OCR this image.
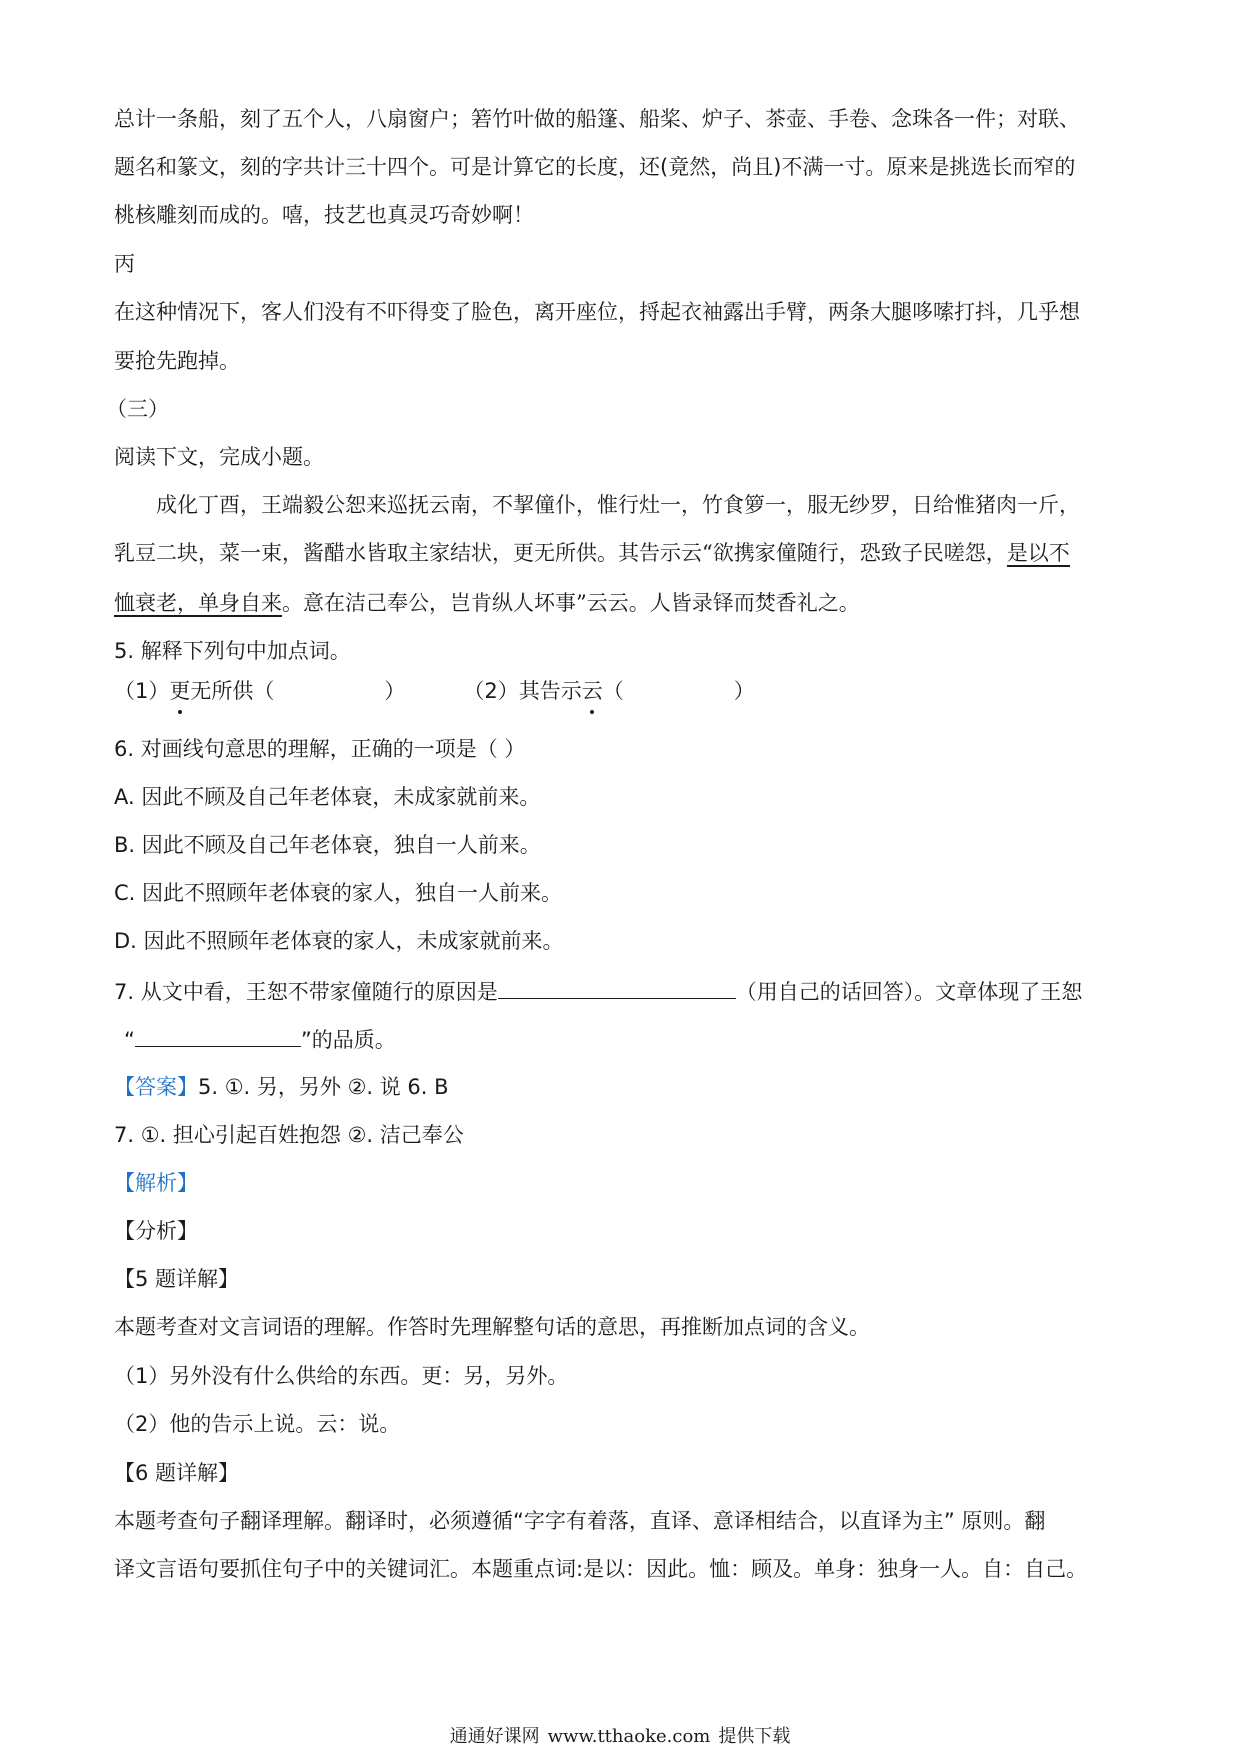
总计一条船，刻了五个人，八扇窗户；箬竹叶做的船篷、船桨、炉子、茶壶、手卷、念珠各一件；对联、
题名和篆文，刻的字共计三十四个。可是计算它的长度，还(竟然，尚且)不满一寸。原来是挑选长而窄的
桃核雕刻而成的。嘻，技艺也真灵巧奇妙啊！
丙
在这种情况下，客人们没有不吓得变了脸色，离开座位，捋起衣袖露出手臂，两条大腿哆嗦打抖，几乎想
要抢先跑掉。
（三）
阅读下文，完成小题。
成化丁酉，王端毅公恕来巡抚云南，不挈僮仆，惟行灶一，竹食箩一，服无纱罗，日给惟猪肉一斤，
乳豆二块，菜一束，酱醋水皆取主家结状，更无所供。其告示云“欲携家僮随行，恐致子民嗟怨，是以不
恤衰老，单身自来。意在洁己奉公，岂肯纵人坏事”云云。人皆录铎而焚香礼之。
5. 解释下列句中加点词。
（1）更无所供（	）	（2）其告示云（	）
6. 对画线句意思的理解，正确的一项是（ ）
A. 因此不顾及自己年老体衰，未成家就前来。
B. 因此不顾及自己年老体衰，独自一人前来。
C. 因此不照顾年老体衰的家人，独自一人前来。
D. 因此不照顾年老体衰的家人，未成家就前来。
7. 从文中看，王恕不带家僮随行的原因是	（用自己的话回答）。文章体现了王恕
“	”的品质。
【答案】5. ①. 另，另外 ②. 说 6. B
7. ①. 担心引起百姓抱怨 ②. 洁己奉公
【解析】
【分析】
【5 题详解】
本题考查对文言词语的理解。作答时先理解整句话的意思，再推断加点词的含义。
（1）另外没有什么供给的东西。更：另，另外。
（2）他的告示上说。云：说。
【6 题详解】
本题考查句子翻译理解。翻译时，必须遵循“字字有着落，直译、意译相结合，以直译为主” 原则。翻
译文言语句要抓住句子中的关键词汇。本题重点词:是以：因此。恤：顾及。单身：独身一人。自：自己。
通通好课网 www.tthaoke.com 提供下载
